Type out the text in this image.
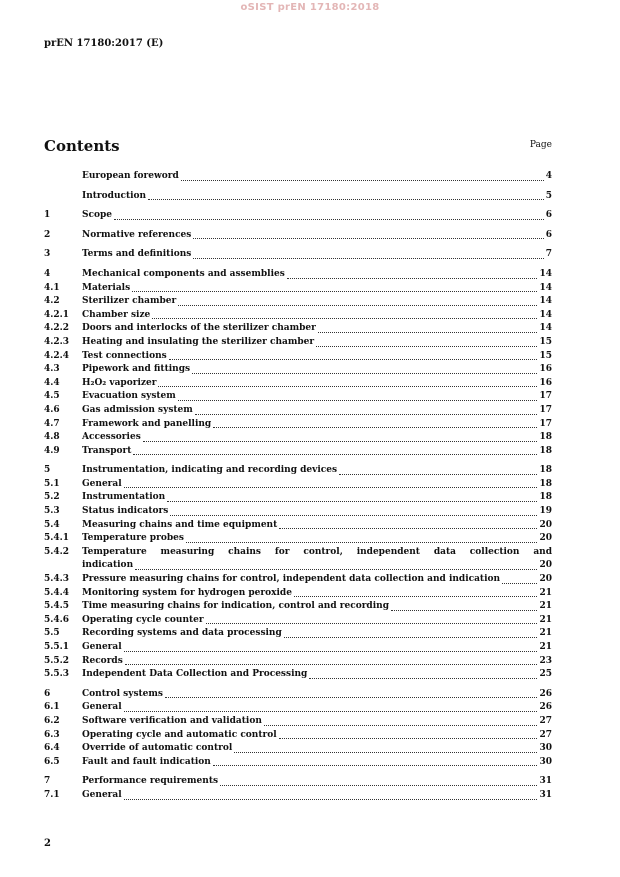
oSIST prEN 17180:2018
prEN 17180:2017 (E)
Contents	Page
European foreword	4
Introduction	5
1	Scope	6
2	Normative references	6
3	Terms and definitions	7
4	Mechanical components and assemblies	14
4.1	Materials	14
4.2	Sterilizer chamber	14
4.2.1	Chamber size	14
4.2.2	Doors and interlocks of the sterilizer chamber	14
4.2.3	Heating and insulating the sterilizer chamber	15
4.2.4	Test connections	15
4.3	Pipework and fittings	16
4.4	H₂O₂ vaporizer	16
4.5	Evacuation system	17
4.6	Gas admission system	17
4.7	Framework and panelling	17
4.8	Accessories	18
4.9	Transport	18
5	Instrumentation, indicating and recording devices	18
5.1	General	18
5.2	Instrumentation	18
5.3	Status indicators	19
5.4	Measuring chains and time equipment	20
5.4.1	Temperature probes	20
5.4.2	Temperature measuring chains for control, independent data collection and
indication	20
5.4.3	Pressure measuring chains for control, independent data collection and indication	20
5.4.4	Monitoring system for hydrogen peroxide	21
5.4.5	Time measuring chains for indication, control and recording	21
5.4.6	Operating cycle counter	21
5.5	Recording systems and data processing	21
5.5.1	General	21
5.5.2	Records	23
5.5.3	Independent Data Collection and Processing	25
6	Control systems	26
6.1	General	26
6.2	Software verification and validation	27
6.3	Operating cycle and automatic control	27
6.4	Override of automatic control	30
6.5	Fault and fault indication	30
7	Performance requirements	31
7.1	General	31
2
